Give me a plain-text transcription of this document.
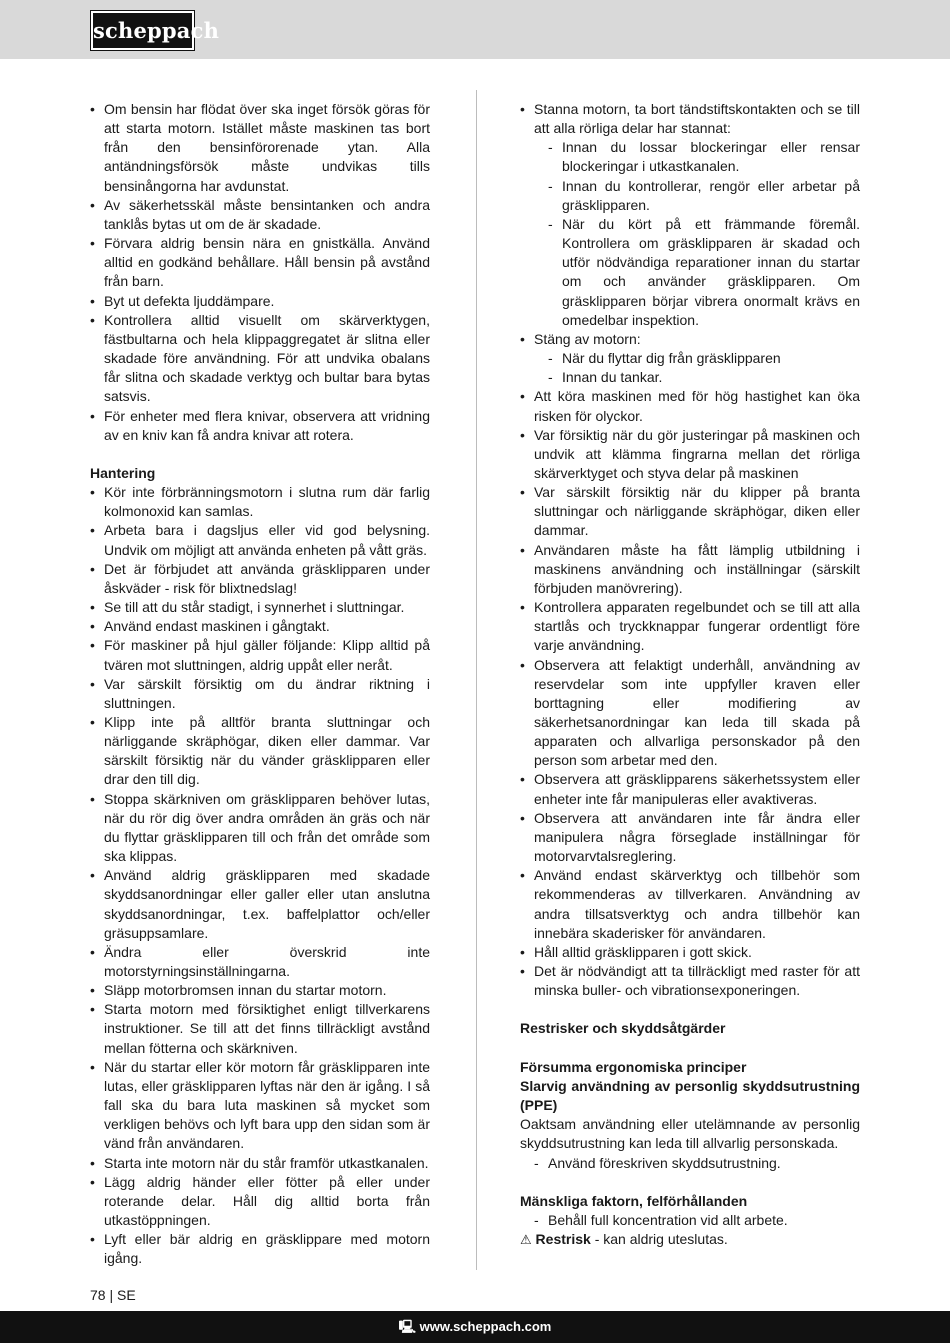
scheppach
• Om bensin har flödat över ska inget försök göras för att starta motorn. Istället måste maskinen tas bort från den bensinförorenade ytan. Alla antändningsförsök måste undvikas tills bensinångorna har avdunstat.
• Av säkerhetsskäl måste bensintanken och andra tanklås bytas ut om de är skadade.
• Förvara aldrig bensin nära en gnistkälla. Använd alltid en godkänd behållare. Håll bensin på avstånd från barn.
• Byt ut defekta ljuddämpare.
• Kontrollera alltid visuellt om skärverktygen, fästbultarna och hela klippaggregatet är slitna eller skadade före användning. För att undvika obalans får slitna och skadade verktyg och bultar bara bytas satsvis.
• För enheter med flera knivar, observera att vridning av en kniv kan få andra knivar att rotera.
Hantering
• Kör inte förbränningsmotorn i slutna rum där farlig kolmonoxid kan samlas.
• Arbeta bara i dagsljus eller vid god belysning. Undvik om möjligt att använda enheten på vått gräs.
• Det är förbjudet att använda gräsklipparen under åskväder - risk för blixtnedslag!
• Se till att du står stadigt, i synnerhet i sluttningar.
• Använd endast maskinen i gångtakt.
• För maskiner på hjul gäller följande: Klipp alltid på tvären mot sluttningen, aldrig uppåt eller neråt.
• Var särskilt försiktig om du ändrar riktning i sluttningen.
• Klipp inte på alltför branta sluttningar och närliggande skräphögar, diken eller dammar. Var särskilt försiktig när du vänder gräsklipparen eller drar den till dig.
• Stoppa skärkniven om gräsklipparen behöver lutas, när du rör dig över andra områden än gräs och när du flyttar gräsklipparen till och från det område som ska klippas.
• Använd aldrig gräsklipparen med skadade skyddsanordningar eller galler eller utan anslutna skyddsanordningar, t.ex. baffelplattor och/eller gräsuppsamlare.
• Ändra eller överskrid inte motorstyrningsinställningarna.
• Släpp motorbromsen innan du startar motorn.
• Starta motorn med försiktighet enligt tillverkarens instruktioner. Se till att det finns tillräckligt avstånd mellan fötterna och skärkniven.
• När du startar eller kör motorn får gräsklipparen inte lutas, eller gräsklipparen lyftas när den är igång. I så fall ska du bara luta maskinen så mycket som verkligen behövs och lyft bara upp den sidan som är vänd från användaren.
• Starta inte motorn när du står framför utkastkanalen.
• Lägg aldrig händer eller fötter på eller under roterande delar. Håll dig alltid borta från utkastöppningen.
• Lyft eller bär aldrig en gräsklippare med motorn igång.
• Stanna motorn, ta bort tändstiftskontakten och se till att alla rörliga delar har stannat:
- Innan du lossar blockeringar eller rensar blockeringar i utkastkanalen.
- Innan du kontrollerar, rengör eller arbetar på gräsklipparen.
- När du kört på ett främmande föremål. Kontrollera om gräsklipparen är skadad och utför nödvändiga reparationer innan du startar om och använder gräsklipparen. Om gräsklipparen börjar vibrera onormalt krävs en omedelbar inspektion.
• Stäng av motorn:
- När du flyttar dig från gräsklipparen
- Innan du tankar.
• Att köra maskinen med för hög hastighet kan öka risken för olyckor.
• Var försiktig när du gör justeringar på maskinen och undvik att klämma fingrarna mellan det rörliga skärverktyget och styva delar på maskinen
• Var särskilt försiktig när du klipper på branta sluttningar och närliggande skräphögar, diken eller dammar.
• Användaren måste ha fått lämplig utbildning i maskinens användning och inställningar (särskilt förbjuden manövrering).
• Kontrollera apparaten regelbundet och se till att alla startlås och tryckknappar fungerar ordentligt före varje användning.
• Observera att felaktigt underhåll, användning av reservdelar som inte uppfyller kraven eller borttagning eller modifiering av säkerhetsanordningar kan leda till skada på apparaten och allvarliga personskador på den person som arbetar med den.
• Observera att gräsklipparens säkerhetssystem eller enheter inte får manipuleras eller avaktiveras.
• Observera att användaren inte får ändra eller manipulera några förseglade inställningar för motorvarvtalsreglering.
• Använd endast skärverktyg och tillbehör som rekommenderas av tillverkaren. Användning av andra tillsatsverktyg och andra tillbehör kan innebära skaderisker för användaren.
• Håll alltid gräsklipparen i gott skick.
• Det är nödvändigt att ta tillräckligt med raster för att minska buller- och vibrationsexponeringen.
Restrisker och skyddsåtgärder
Försumma ergonomiska principer
Slarvig användning av personlig skyddsutrustning (PPE)
Oaktsam användning eller utelämnande av personlig skyddsutrustning kan leda till allvarlig personskada.
- Använd föreskriven skyddsutrustning.
Mänskliga faktorn, felförhållanden
- Behåll full koncentration vid allt arbete.
⚠ Restrisk - kan aldrig uteslutas.
78 | SE
🖳 www.scheppach.com
